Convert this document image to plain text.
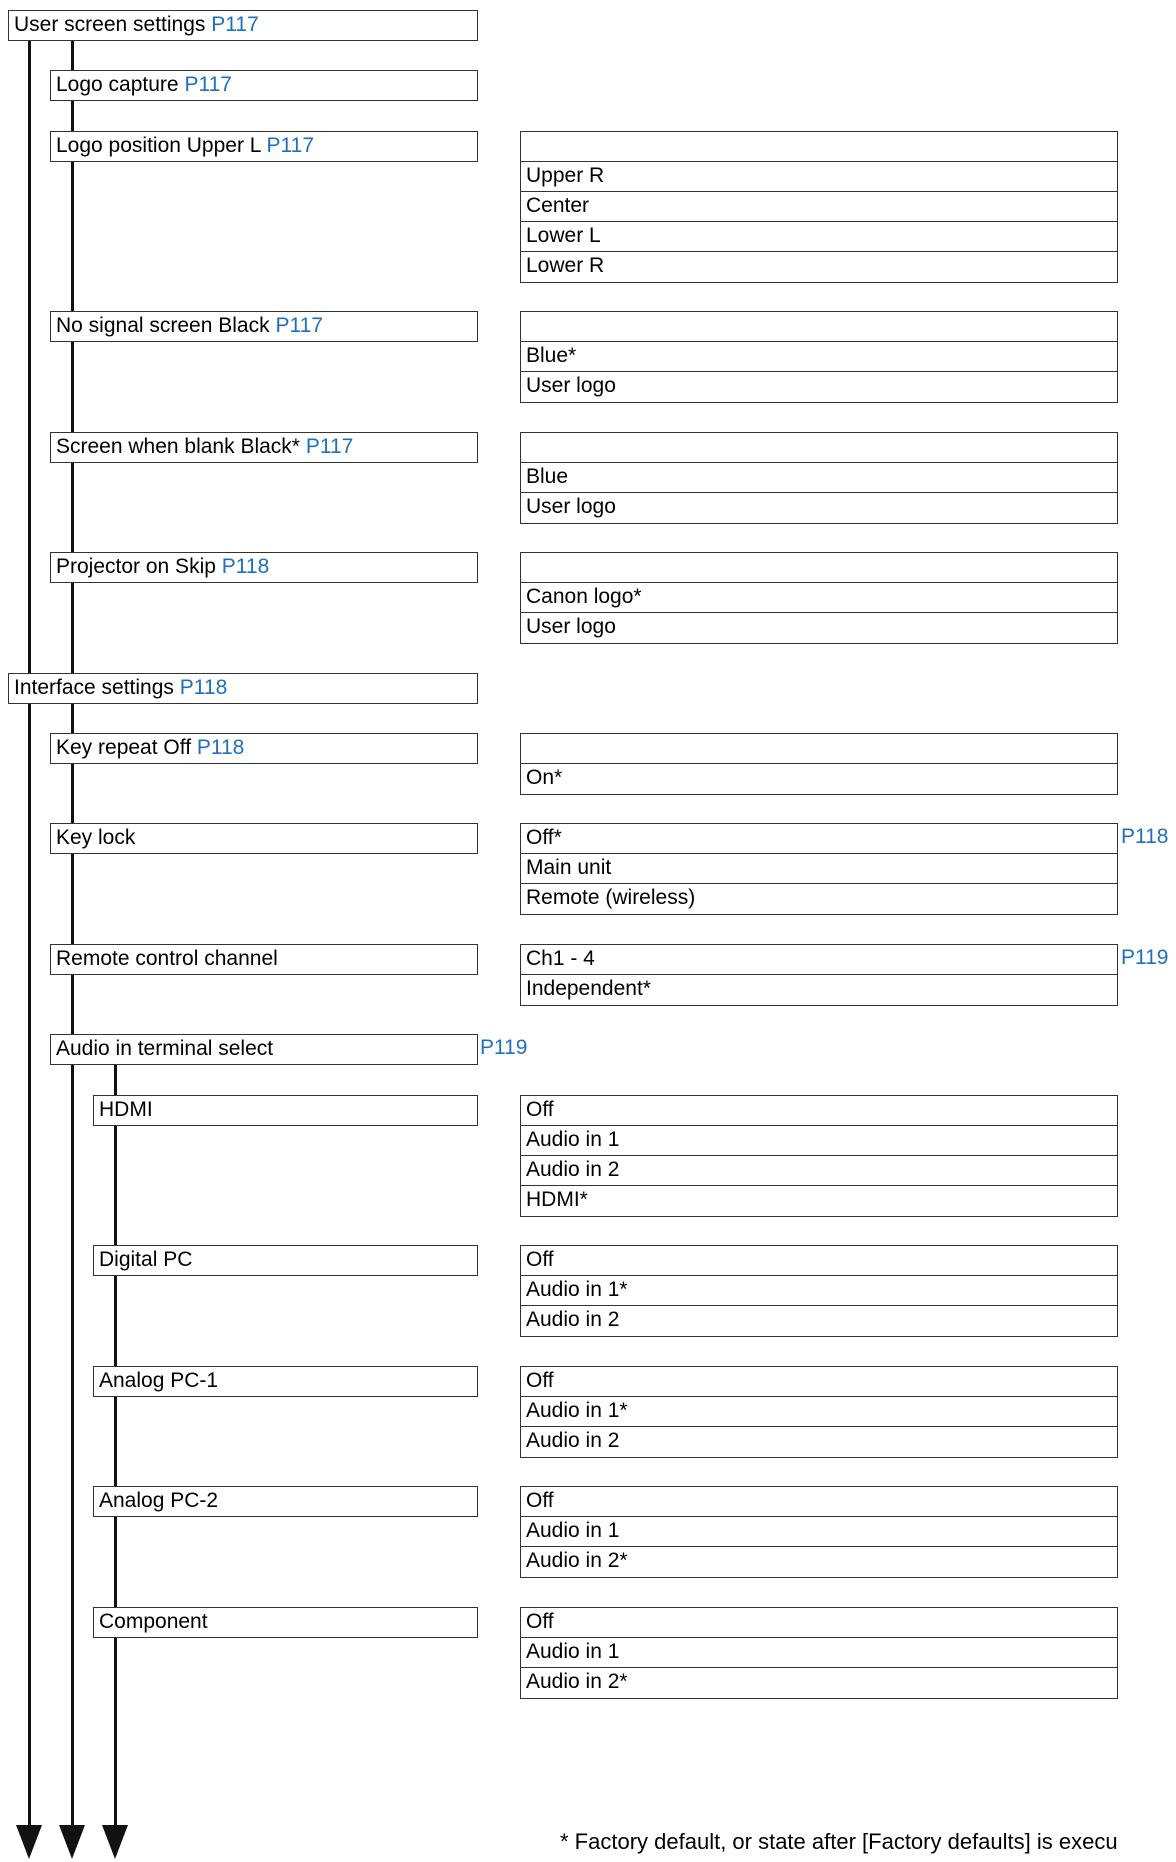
User screen settings P117
Logo capture P117
Logo position Upper L P117
No signal screen Black P117
Screen when blank Black* P117
Projector on Skip P118
Interface settings P118
Key repeat Off P118
Key lock
Remote control channel
Audio in terminal select
HDMI
Digital PC
Analog PC-1
Analog PC-2
Component
P118
P119
P119
Upper R
Center
Lower L
Lower R
Blue*
User logo
Blue
User logo
Canon logo*
User logo
On*
Off*
Main unit
Remote (wireless)
Ch1 - 4
Independent*
Off
Audio in 1
Audio in 2
HDMI*
Off
Audio in 1*
Audio in 2
Off
Audio in 1*
Audio in 2
Off
Audio in 1
Audio in 2*
Off
Audio in 1
Audio in 2*
* Factory default, or state after [Factory defaults] is execu
